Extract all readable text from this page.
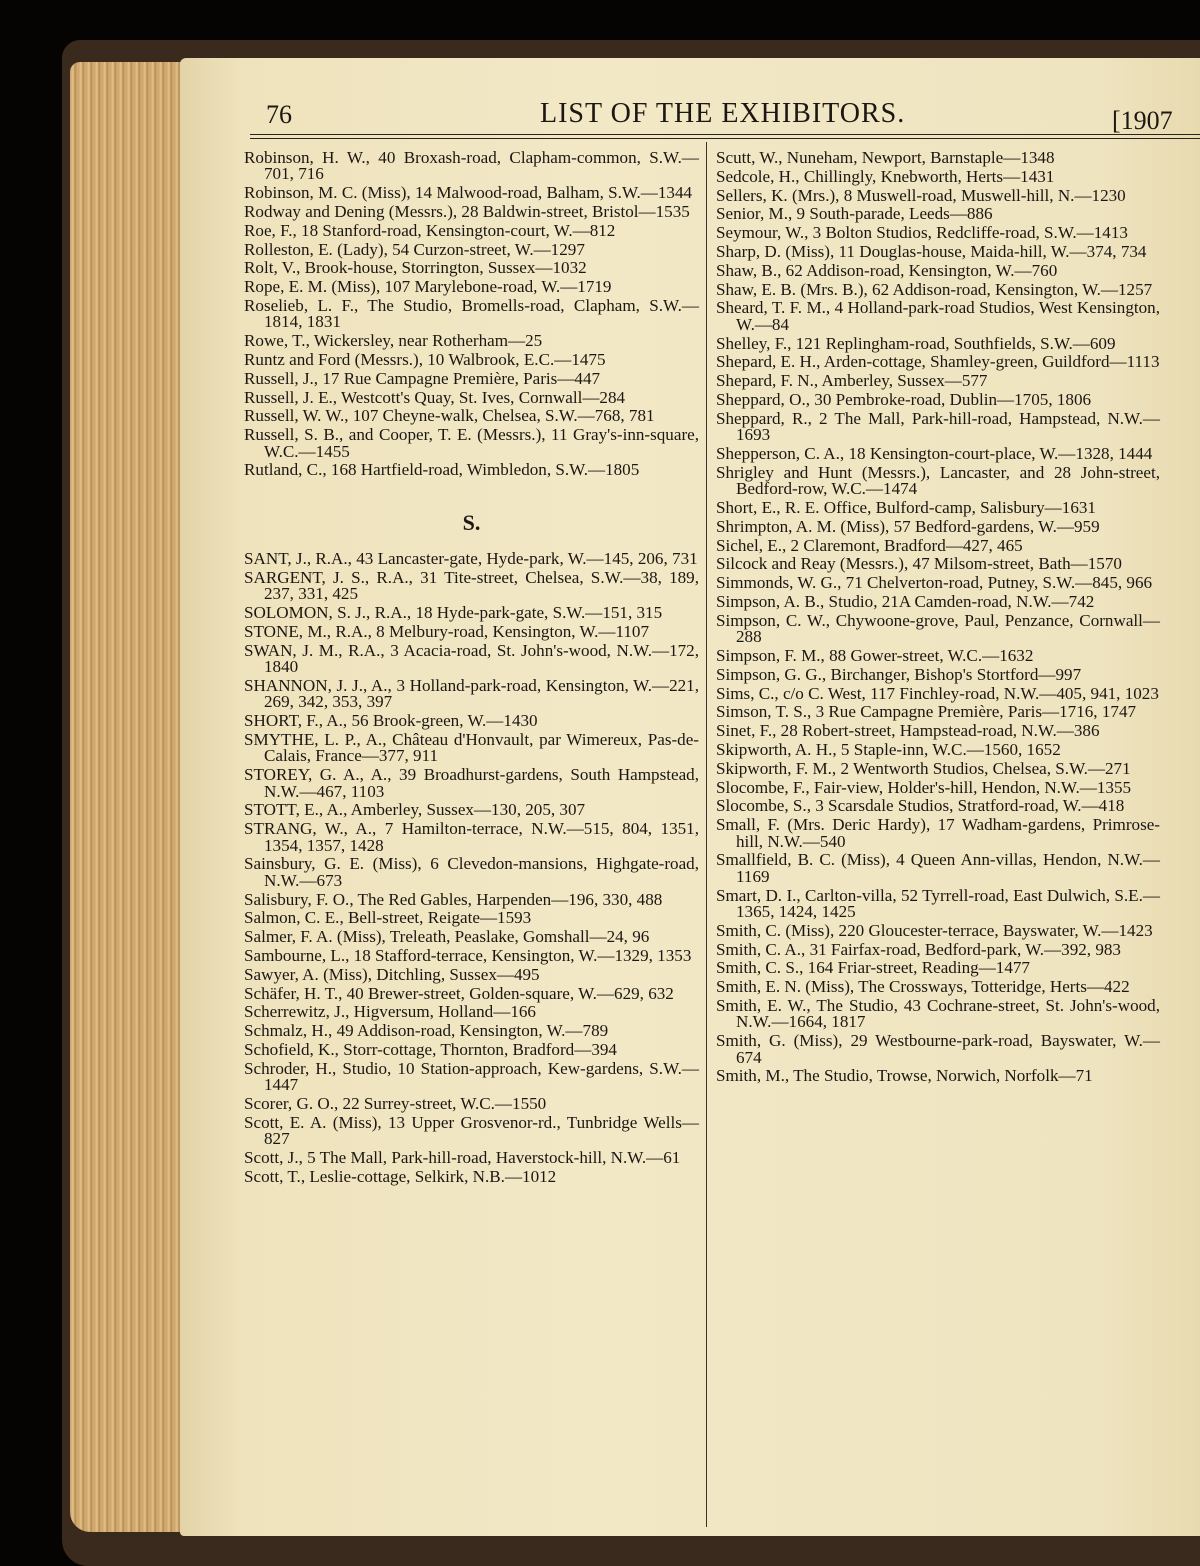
76	LIST OF THE EXHIBITORS.	[1907

Robinson, H. W., 40 Broxash-road, Clapham-common, S.W.—701, 716

Robinson, M. C. (Miss), 14 Malwood-road, Balham, S.W.—1344

Rodway and Dening (Messrs.), 28 Baldwin-street, Bristol—1535

Roe, F., 18 Stanford-road, Kensington-court, W.—812

Rolleston, E. (Lady), 54 Curzon-street, W.—1297

Rolt, V., Brook-house, Storrington, Sussex—1032

Rope, E. M. (Miss), 107 Marylebone-road, W.—1719

Roselieb, L. F., The Studio, Bromells-road, Clapham, S.W.—1814, 1831

Rowe, T., Wickersley, near Rotherham—25

Runtz and Ford (Messrs.), 10 Walbrook, E.C.—1475

Russell, J., 17 Rue Campagne Première, Paris—447

Russell, J. E., Westcott's Quay, St. Ives, Cornwall—284

Russell, W. W., 107 Cheyne-walk, Chelsea, S.W.—768, 781

Russell, S. B., and Cooper, T. E. (Messrs.), 11 Gray's-inn-square, W.C.—1455

Rutland, C., 168 Hartfield-road, Wimbledon, S.W.—1805

S.

SANT, J., R.A., 43 Lancaster-gate, Hyde-park, W.—145, 206, 731

SARGENT, J. S., R.A., 31 Tite-street, Chelsea, S.W.—38, 189, 237, 331, 425

SOLOMON, S. J., R.A., 18 Hyde-park-gate, S.W.—151, 315

STONE, M., R.A., 8 Melbury-road, Kensington, W.—1107

SWAN, J. M., R.A., 3 Acacia-road, St. John's-wood, N.W.—172, 1840

SHANNON, J. J., A., 3 Holland-park-road, Kensington, W.—221, 269, 342, 353, 397

SHORT, F., A., 56 Brook-green, W.—1430

SMYTHE, L. P., A., Château d'Honvault, par Wimereux, Pas-de-Calais, France—377, 911

STOREY, G. A., A., 39 Broadhurst-gardens, South Hampstead, N.W.—467, 1103

STOTT, E., A., Amberley, Sussex—130, 205, 307

STRANG, W., A., 7 Hamilton-terrace, N.W.—515, 804, 1351, 1354, 1357, 1428

Sainsbury, G. E. (Miss), 6 Clevedon-mansions, Highgate-road, N.W.—673

Salisbury, F. O., The Red Gables, Harpenden—196, 330, 488

Salmon, C. E., Bell-street, Reigate—1593

Salmer, F. A. (Miss), Treleath, Peaslake, Gomshall—24, 96

Sambourne, L., 18 Stafford-terrace, Kensington, W.—1329, 1353

Sawyer, A. (Miss), Ditchling, Sussex—495

Schäfer, H. T., 40 Brewer-street, Golden-square, W.—629, 632

Scherrewitz, J., Higversum, Holland—166

Schmalz, H., 49 Addison-road, Kensington, W.—789

Schofield, K., Storr-cottage, Thornton, Bradford—394

Schroder, H., Studio, 10 Station-approach, Kew-gardens, S.W.—1447

Scorer, G. O., 22 Surrey-street, W.C.—1550

Scott, E. A. (Miss), 13 Upper Grosvenor-rd., Tunbridge Wells—827

Scott, J., 5 The Mall, Park-hill-road, Haverstock-hill, N.W.—61

Scott, T., Leslie-cottage, Selkirk, N.B.—1012

Scutt, W., Nuneham, Newport, Barnstaple—1348

Sedcole, H., Chillingly, Knebworth, Herts—1431

Sellers, K. (Mrs.), 8 Muswell-road, Muswell-hill, N.—1230

Senior, M., 9 South-parade, Leeds—886

Seymour, W., 3 Bolton Studios, Redcliffe-road, S.W.—1413

Sharp, D. (Miss), 11 Douglas-house, Maida-hill, W.—374, 734

Shaw, B., 62 Addison-road, Kensington, W.—760

Shaw, E. B. (Mrs. B.), 62 Addison-road, Kensington, W.—1257

Sheard, T. F. M., 4 Holland-park-road Studios, West Kensington, W.—84

Shelley, F., 121 Replingham-road, Southfields, S.W.—609

Shepard, E. H., Arden-cottage, Shamley-green, Guildford—1113

Shepard, F. N., Amberley, Sussex—577

Sheppard, O., 30 Pembroke-road, Dublin—1705, 1806

Sheppard, R., 2 The Mall, Park-hill-road, Hampstead, N.W.—1693

Shepperson, C. A., 18 Kensington-court-place, W.—1328, 1444

Shrigley and Hunt (Messrs.), Lancaster, and 28 John-street, Bedford-row, W.C.—1474

Short, E., R. E. Office, Bulford-camp, Salisbury—1631

Shrimpton, A. M. (Miss), 57 Bedford-gardens, W.—959

Sichel, E., 2 Claremont, Bradford—427, 465

Silcock and Reay (Messrs.), 47 Milsom-street, Bath—1570

Simmonds, W. G., 71 Chelverton-road, Putney, S.W.—845, 966

Simpson, A. B., Studio, 21A Camden-road, N.W.—742

Simpson, C. W., Chywoone-grove, Paul, Penzance, Cornwall—288

Simpson, F. M., 88 Gower-street, W.C.—1632

Simpson, G. G., Birchanger, Bishop's Stortford—997

Sims, C., c/o C. West, 117 Finchley-road, N.W.—405, 941, 1023

Simson, T. S., 3 Rue Campagne Première, Paris—1716, 1747

Sinet, F., 28 Robert-street, Hampstead-road, N.W.—386

Skipworth, A. H., 5 Staple-inn, W.C.—1560, 1652

Skipworth, F. M., 2 Wentworth Studios, Chelsea, S.W.—271

Slocombe, F., Fair-view, Holder's-hill, Hendon, N.W.—1355

Slocombe, S., 3 Scarsdale Studios, Stratford-road, W.—418

Small, F. (Mrs. Deric Hardy), 17 Wadham-gardens, Primrose-hill, N.W.—540

Smallfield, B. C. (Miss), 4 Queen Ann-villas, Hendon, N.W.—1169

Smart, D. I., Carlton-villa, 52 Tyrrell-road, East Dulwich, S.E.—1365, 1424, 1425

Smith, C. (Miss), 220 Gloucester-terrace, Bayswater, W.—1423

Smith, C. A., 31 Fairfax-road, Bedford-park, W.—392, 983

Smith, C. S., 164 Friar-street, Reading—1477

Smith, E. N. (Miss), The Crossways, Totteridge, Herts—422

Smith, E. W., The Studio, 43 Cochrane-street, St. John's-wood, N.W.—1664, 1817

Smith, G. (Miss), 29 Westbourne-park-road, Bayswater, W.—674

Smith, M., The Studio, Trowse, Norwich, Norfolk—71
